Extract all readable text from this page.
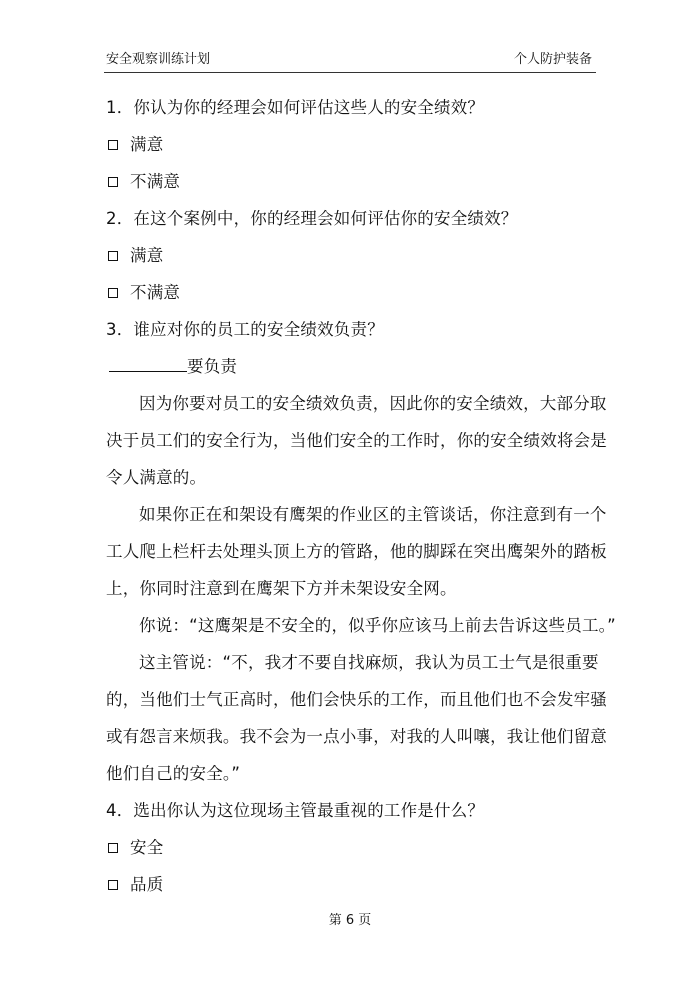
安全观察训练计划	个人防护装备
1．你认为你的经理会如何评估这些人的安全绩效？
满意
不满意
2．在这个案例中，你的经理会如何评估你的安全绩效？
满意
不满意
3．谁应对你的员工的安全绩效负责？
要负责
因为你要对员工的安全绩效负责，因此你的安全绩效，大部分取
决于员工们的安全行为，当他们安全的工作时，你的安全绩效将会是
令人满意的。
如果你正在和架设有鹰架的作业区的主管谈话，你注意到有一个
工人爬上栏杆去处理头顶上方的管路，他的脚踩在突出鹰架外的踏板
上，你同时注意到在鹰架下方并未架设安全网。
你说：“这鹰架是不安全的，似乎你应该马上前去告诉这些员工。”
这主管说：“不，我才不要自找麻烦，我认为员工士气是很重要
的，当他们士气正高时，他们会快乐的工作，而且他们也不会发牢骚
或有怨言来烦我。我不会为一点小事，对我的人叫嚷，我让他们留意
他们自己的安全。”
4．选出你认为这位现场主管最重视的工作是什么？
安全
品质
第 6 页
